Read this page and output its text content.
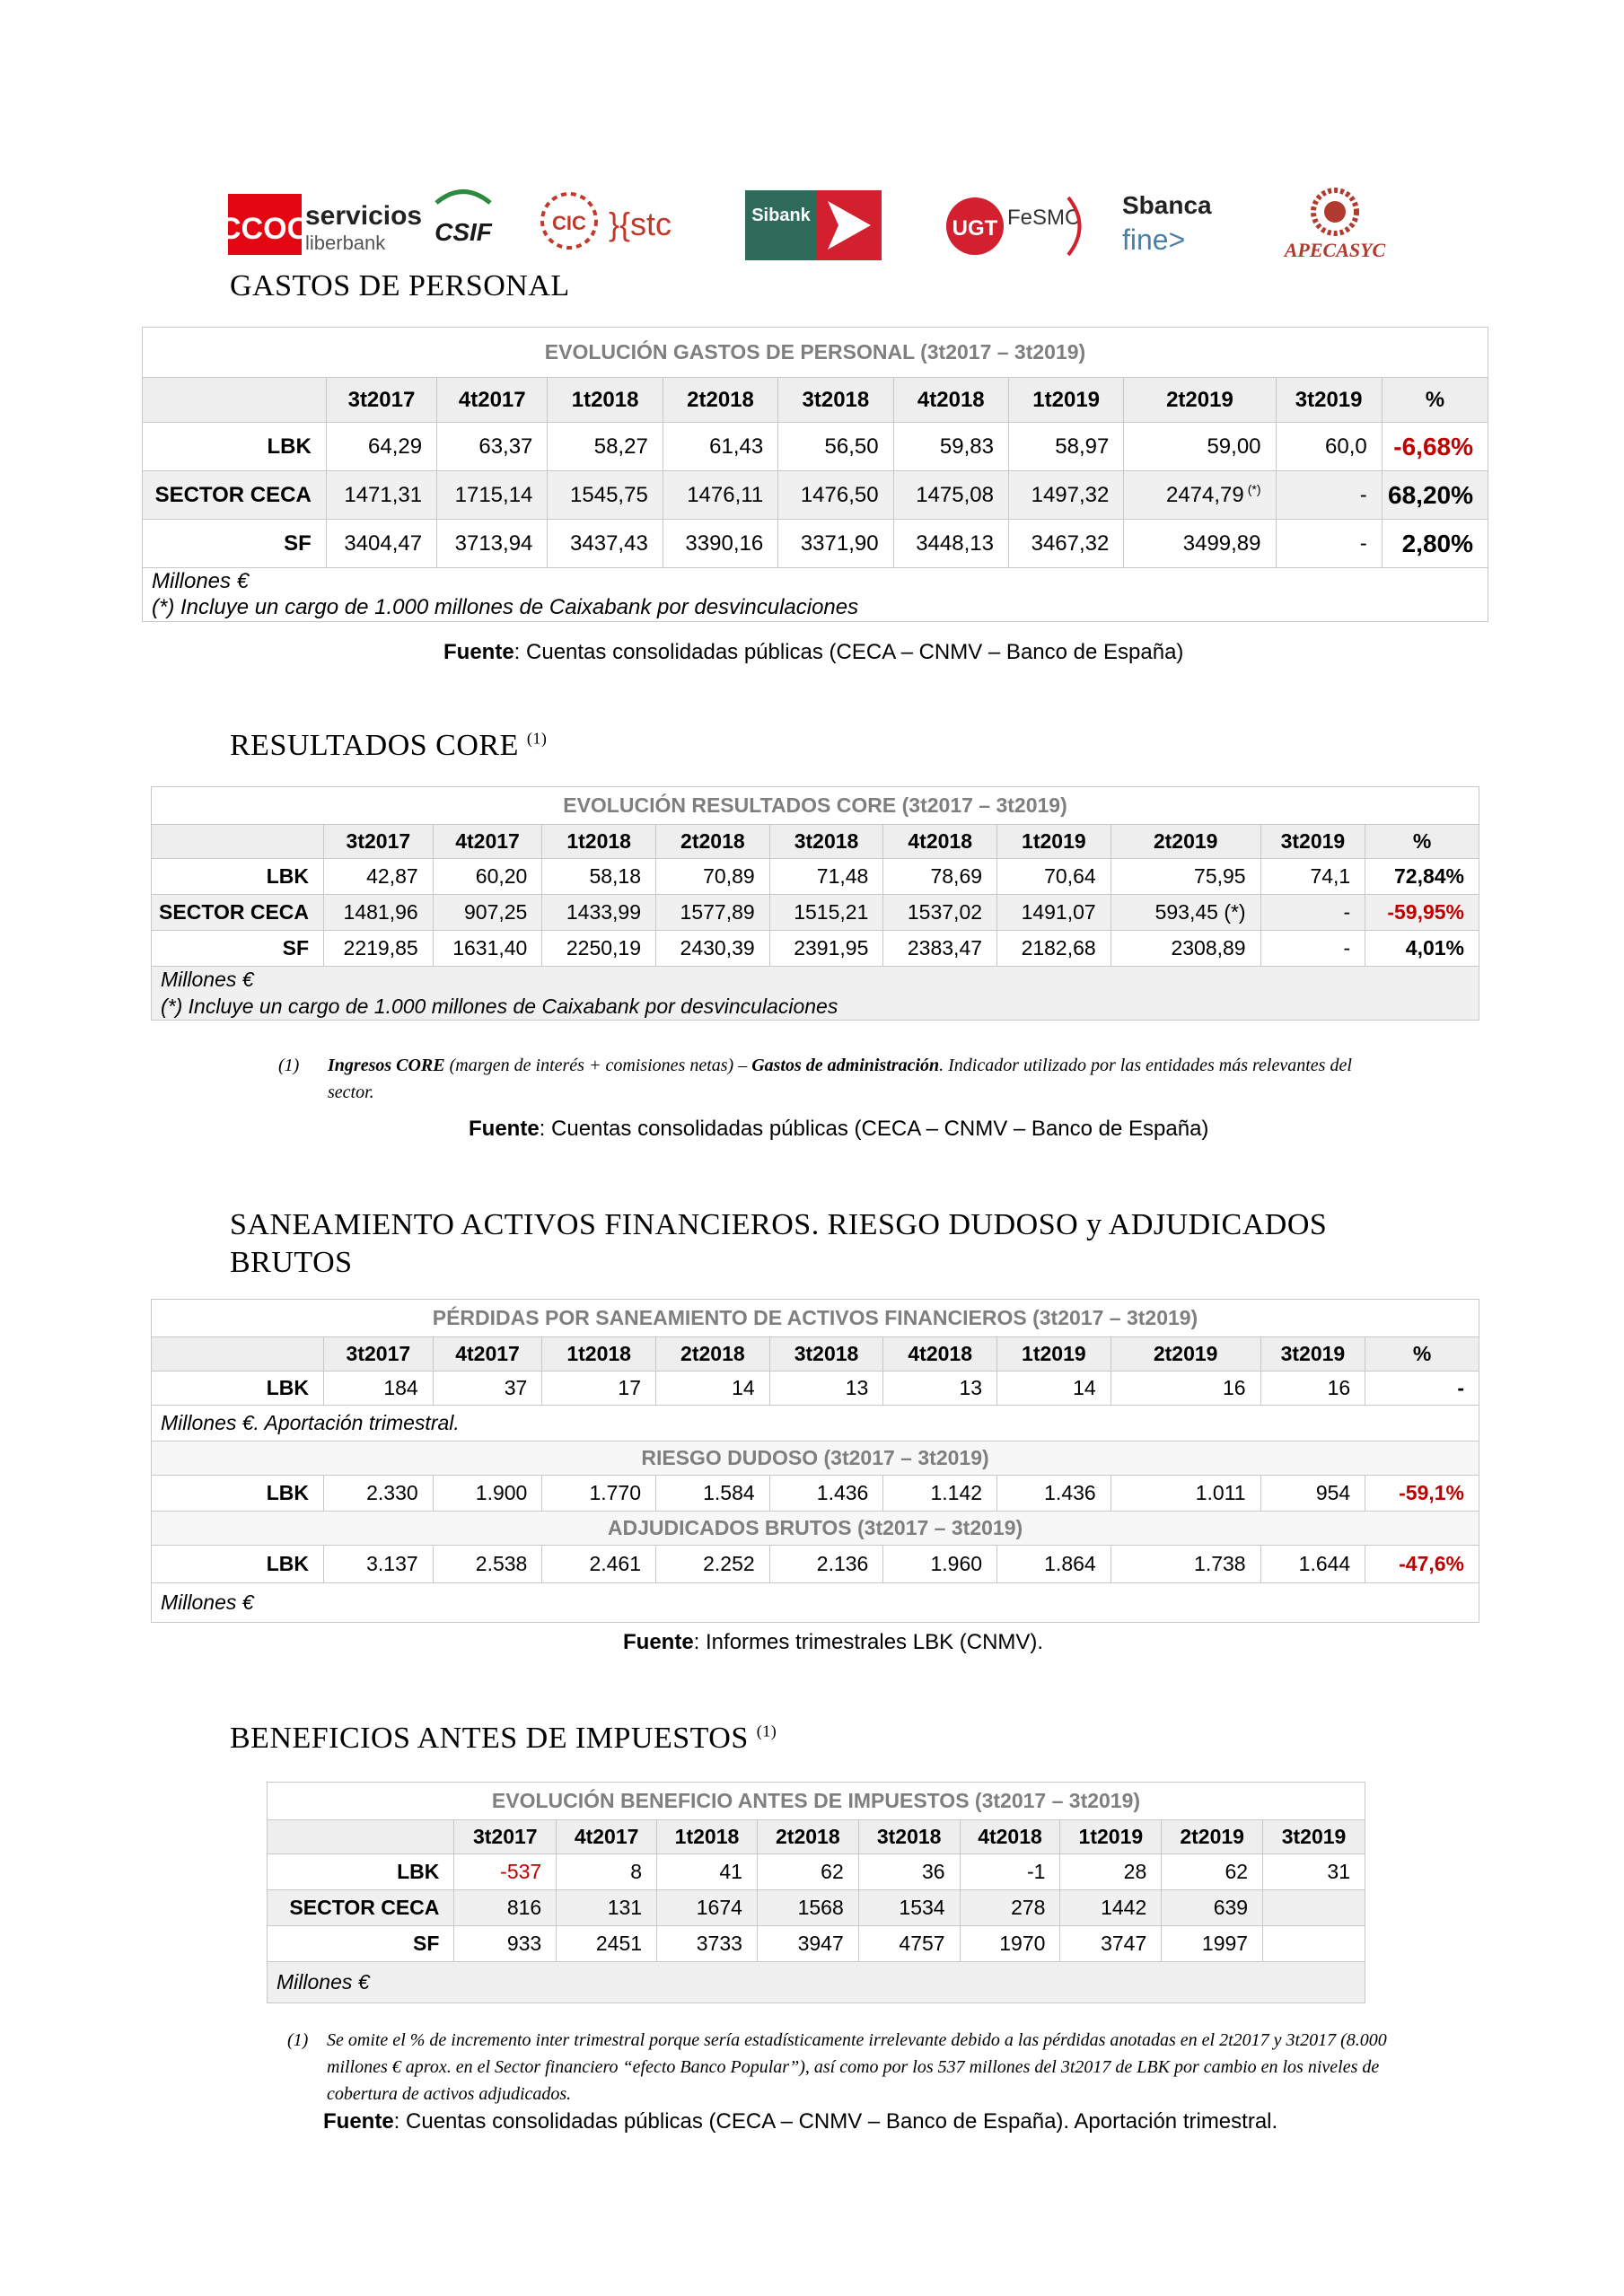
CCOO
servicios
liberbank CSIF	CIC }{stc	Sibank
UGT FeSMC Sbanca
fine>	APECASYC
GASTOS DE PERSONAL
EVOLUCIÓN GASTOS DE PERSONAL (3t2017 – 3t2019)										
	3t2017	4t2017	1t2018	2t2018	3t2018	4t2018	1t2019	2t2019	3t2019	%
LBK	64,29	63,37	58,27	61,43	56,50	59,83	58,97	59,00	60,0	-6,68%
SECTOR CECA	1471,31	1715,14	1545,75	1476,11	1476,50	1475,08	1497,32	2474,79 (*)	-	68,20%
SF	3404,47	3713,94	3437,43	3390,16	3371,90	3448,13	3467,32	3499,89	-	2,80%
Millones €										
(*) Incluye un cargo de 1.000 millones de Caixabank por desvinculaciones										
Fuente: Cuentas consolidadas públicas (CECA – CNMV – Banco de España)
RESULTADOS CORE $^{(1)}$
EVOLUCIÓN RESULTADOS CORE (3t2017 – 3t2019)										
	3t2017	4t2017	1t2018	2t2018	3t2018	4t2018	1t2019	2t2019	3t2019	%
LBK	42,87	60,20	58,18	70,89	71,48	78,69	70,64	75,95	74,1	72,84%
SECTOR CECA	1481,96	907,25	1433,99	1577,89	1515,21	1537,02	1491,07	593,45 (*)	-	-59,95%
SF	2219,85	1631,40	2250,19	2430,39	2391,95	2383,47	2182,68	2308,89	-	4,01%
Millones €										
(*) Incluye un cargo de 1.000 millones de Caixabank por desvinculaciones										
(1)	Ingresos CORE (margen de interés + comisiones netas) – Gastos de administración. Indicador utilizado por las entidades más relevantes del sector.
Fuente: Cuentas consolidadas públicas (CECA – CNMV – Banco de España)
SANEAMIENTO ACTIVOS FINANCIEROS. RIESGO DUDOSO y ADJUDICADOS
BRUTOS
PÉRDIDAS POR SANEAMIENTO DE ACTIVOS FINANCIEROS (3t2017 – 3t2019)										
	3t2017	4t2017	1t2018	2t2018	3t2018	4t2018	1t2019	2t2019	3t2019	%
LBK	184	37	17	14	13	13	14	16	16	-
Millones €. Aportación trimestral.										
RIESGO DUDOSO (3t2017 – 3t2019)										
LBK	2.330	1.900	1.770	1.584	1.436	1.142	1.436	1.011	954	-59,1%
ADJUDICADOS BRUTOS (3t2017 – 3t2019)										
LBK	3.137	2.538	2.461	2.252	2.136	1.960	1.864	1.738	1.644	-47,6%
Millones €										
Fuente: Informes trimestrales LBK (CNMV).
BENEFICIOS ANTES DE IMPUESTOS $^{(1)}$
EVOLUCIÓN BENEFICIO ANTES DE IMPUESTOS (3t2017 – 3t2019)									
	3t2017	4t2017	1t2018	2t2018	3t2018	4t2018	1t2019	2t2019	3t2019
LBK	-537	8	41	62	36	-1	28	62	31
SECTOR CECA	816	131	1674	1568	1534	278	1442	639	
SF	933	2451	3733	3947	4757	1970	3747	1997	
Millones €									
(1)	Se omite el % de incremento inter trimestral porque sería estadísticamente irrelevante debido a las pérdidas anotadas en el 2t2017 y 3t2017 (8.000 millones € aprox. en el Sector financiero “efecto Banco Popular”), así como por los 537 millones del 3t2017 de LBK por cambio en los niveles de cobertura de activos adjudicados.
Fuente: Cuentas consolidadas públicas (CECA – CNMV – Banco de España). Aportación trimestral.
